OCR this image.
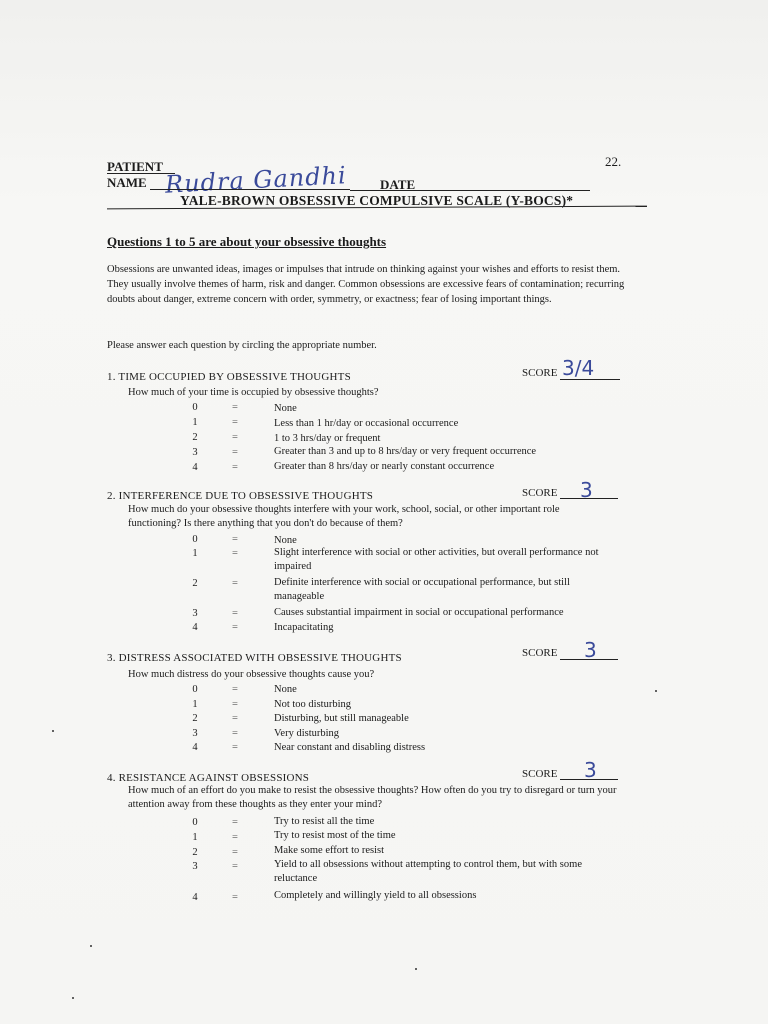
22.
PATIENT
NAME Rudra Gandhi	DATE
YALE-BROWN OBSESSIVE COMPULSIVE SCALE (Y-BOCS)*
Questions 1 to 5 are about your obsessive thoughts
Obsessions are unwanted ideas, images or impulses that intrude on thinking against your wishes and efforts to resist them. They usually involve themes of harm, risk and danger. Common obsessions are excessive fears of contamination; recurring doubts about danger, extreme concern with order, symmetry, or exactness; fear of losing important things.
Please answer each question by circling the appropriate number.
1. TIME OCCUPIED BY OBSESSIVE THOUGHTS	SCORE 3/4
How much of your time is occupied by obsessive thoughts?
0	=	None
1	=	Less than 1 hr/day or occasional occurrence
2	=	1 to 3 hrs/day or frequent
3	=	Greater than 3 and up to 8 hrs/day or very frequent occurrence
4	=	Greater than 8 hrs/day or nearly constant occurrence
2. INTERFERENCE DUE TO OBSESSIVE THOUGHTS	SCORE 3
How much do your obsessive thoughts interfere with your work, school, social, or other important role functioning? Is there anything that you don't do because of them?
0	=	None
1	=	Slight interference with social or other activities, but overall performance not impaired
2	=	Definite interference with social or occupational performance, but still manageable
3	=	Causes substantial impairment in social or occupational performance
4	=	Incapacitating
3. DISTRESS ASSOCIATED WITH OBSESSIVE THOUGHTS	SCORE 3
How much distress do your obsessive thoughts cause you?
0	=	None
1	=	Not too disturbing
2	=	Disturbing, but still manageable
3	=	Very disturbing
4	=	Near constant and disabling distress
4. RESISTANCE AGAINST OBSESSIONS	SCORE 3
How much of an effort do you make to resist the obsessive thoughts? How often do you try to disregard or turn your attention away from these thoughts as they enter your mind?
0	=	Try to resist all the time
1	=	Try to resist most of the time
2	=	Make some effort to resist
3	=	Yield to all obsessions without attempting to control them, but with some reluctance
4	=	Completely and willingly yield to all obsessions
